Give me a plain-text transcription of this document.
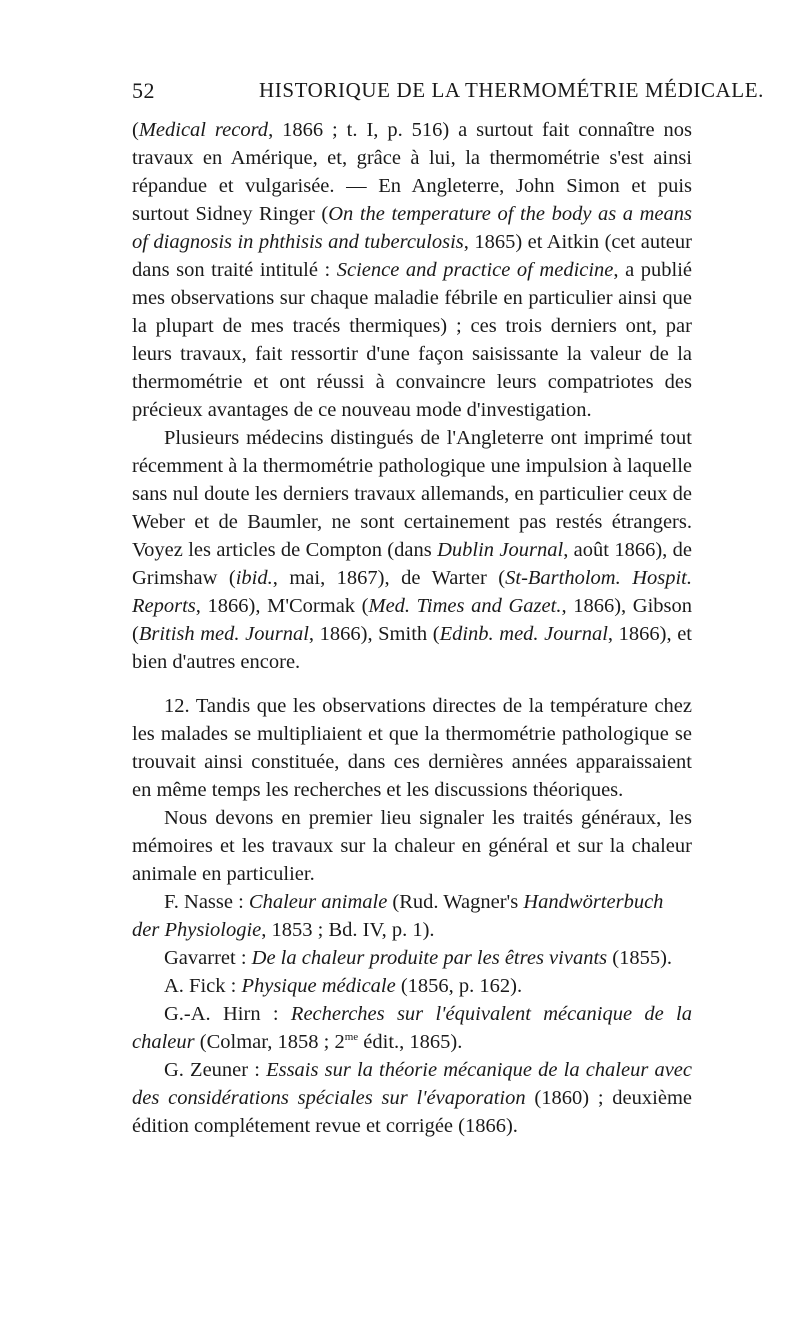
52	HISTORIQUE DE LA THERMOMÉTRIE MÉDICALE.

(Medical record, 1866 ; t. I, p. 516) a surtout fait connaître nos travaux en Amérique, et, grâce à lui, la thermométrie s'est ainsi répandue et vulgarisée. — En Angleterre, John Simon et puis surtout Sidney Ringer (On the temperature of the body as a means of diagnosis in phthisis and tuberculosis, 1865) et Aitkin (cet auteur dans son traité intitulé : Science and practice of medicine, a publié mes observations sur chaque maladie fébrile en particulier ainsi que la plupart de mes tracés thermiques) ; ces trois derniers ont, par leurs travaux, fait ressortir d'une façon saisissante la valeur de la thermométrie et ont réussi à convaincre leurs compatriotes des précieux avantages de ce nouveau mode d'investigation.

Plusieurs médecins distingués de l'Angleterre ont imprimé tout récemment à la thermométrie pathologique une impulsion à laquelle sans nul doute les derniers travaux allemands, en particulier ceux de Weber et de Baumler, ne sont certainement pas restés étrangers. Voyez les articles de Compton (dans Dublin Journal, août 1866), de Grimshaw (ibid., mai, 1867), de Warter (St-Bartholom. Hospit. Reports, 1866), M'Cormak (Med. Times and Gazet., 1866), Gibson (British med. Journal, 1866), Smith (Edinb. med. Journal, 1866), et bien d'autres encore.

12. Tandis que les observations directes de la température chez les malades se multipliaient et que la thermométrie pathologique se trouvait ainsi constituée, dans ces dernières années apparaissaient en même temps les recherches et les discussions théoriques.

Nous devons en premier lieu signaler les traités généraux, les mémoires et les travaux sur la chaleur en général et sur la chaleur animale en particulier.

F. Nasse : Chaleur animale (Rud. Wagner's Handwörterbuch der Physiologie, 1853 ; Bd. IV, p. 1).

Gavarret : De la chaleur produite par les êtres vivants (1855).

A. Fick : Physique médicale (1856, p. 162).

G.-A. Hirn : Recherches sur l'équivalent mécanique de la chaleur (Colmar, 1858 ; $2^{me}$ édit., 1865).

G. Zeuner : Essais sur la théorie mécanique de la chaleur avec des considérations spéciales sur l'évaporation (1860) ; deuxième édition complétement revue et corrigée (1866).
